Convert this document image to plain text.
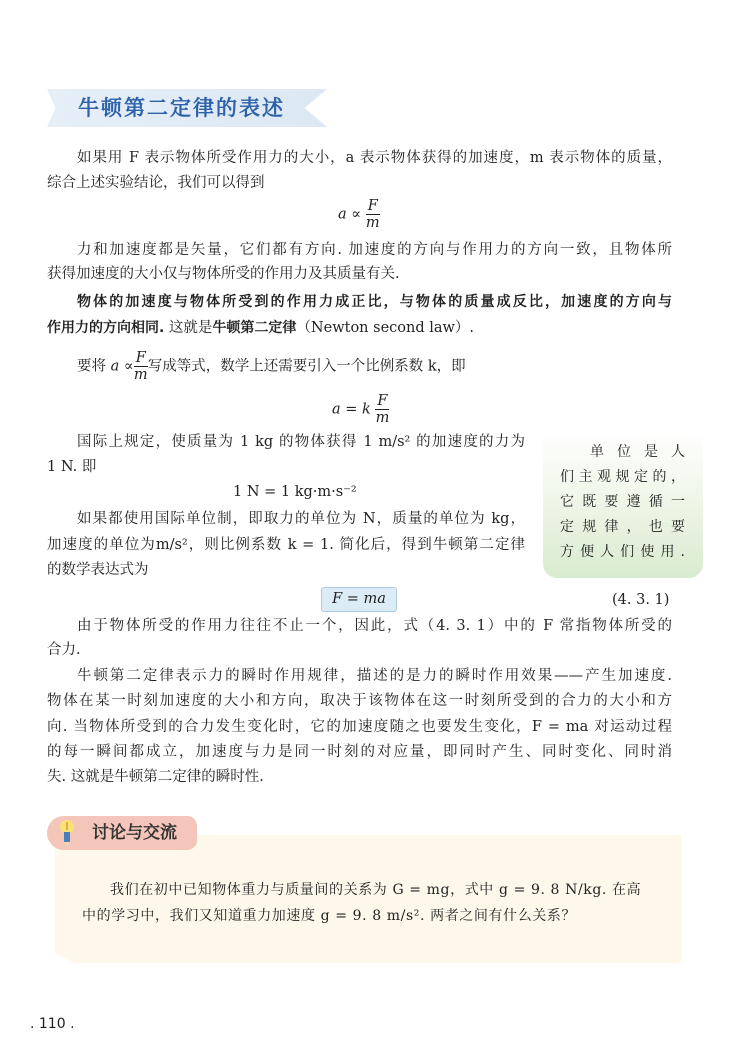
牛顿第二定律的表述
如果用 F 表示物体所受作用力的大小，a 表示物体获得的加速度，m 表示物体的质量，
综合上述实验结论，我们可以得到
$a \propto \frac{F}{m}$
力和加速度都是矢量，它们都有方向. 加速度的方向与作用力的方向一致，且物体所
获得加速度的大小仅与物体所受的作用力及其质量有关.
物体的加速度与物体所受到的作用力成正比，与物体的质量成反比，加速度的方向与
作用力的方向相同. 这就是牛顿第二定律（Newton second law）.
要将 $a \propto \frac{F}{m}$ 写成等式，数学上还需要引入一个比例系数 k，即
a = k $\frac{F}{m}$
国际上规定，使质量为 1 kg 的物体获得 1 m/s² 的加速度的力为
1 N. 即
1 N = 1 kg·m·s⁻²
如果都使用国际单位制，即取力的单位为 N，质量的单位为 kg，
加速度的单位为m/s²，则比例系数 k = 1. 简化后，得到牛顿第二定律
的数学表达式为
单位是人
们主观规定的，
它既要遵循一
定规律，也要
方便人们使用.
F = ma	(4. 3. 1)
由于物体所受的作用力往往不止一个，因此，式（4. 3. 1）中的 F 常指物体所受的
合力.
牛顿第二定律表示力的瞬时作用规律，描述的是力的瞬时作用效果——产生加速度.
物体在某一时刻加速度的大小和方向，取决于该物体在这一时刻所受到的合力的大小和方
向. 当物体所受到的合力发生变化时，它的加速度随之也要发生变化，F = ma 对运动过程
的每一瞬间都成立，加速度与力是同一时刻的对应量，即同时产生、同时变化、同时消
失. 这就是牛顿第二定律的瞬时性.
讨论与交流
我们在初中已知物体重力与质量间的关系为 G = mg，式中 g = 9. 8 N/kg. 在高
中的学习中，我们又知道重力加速度 g = 9. 8 m/s². 两者之间有什么关系？
. 110 .
